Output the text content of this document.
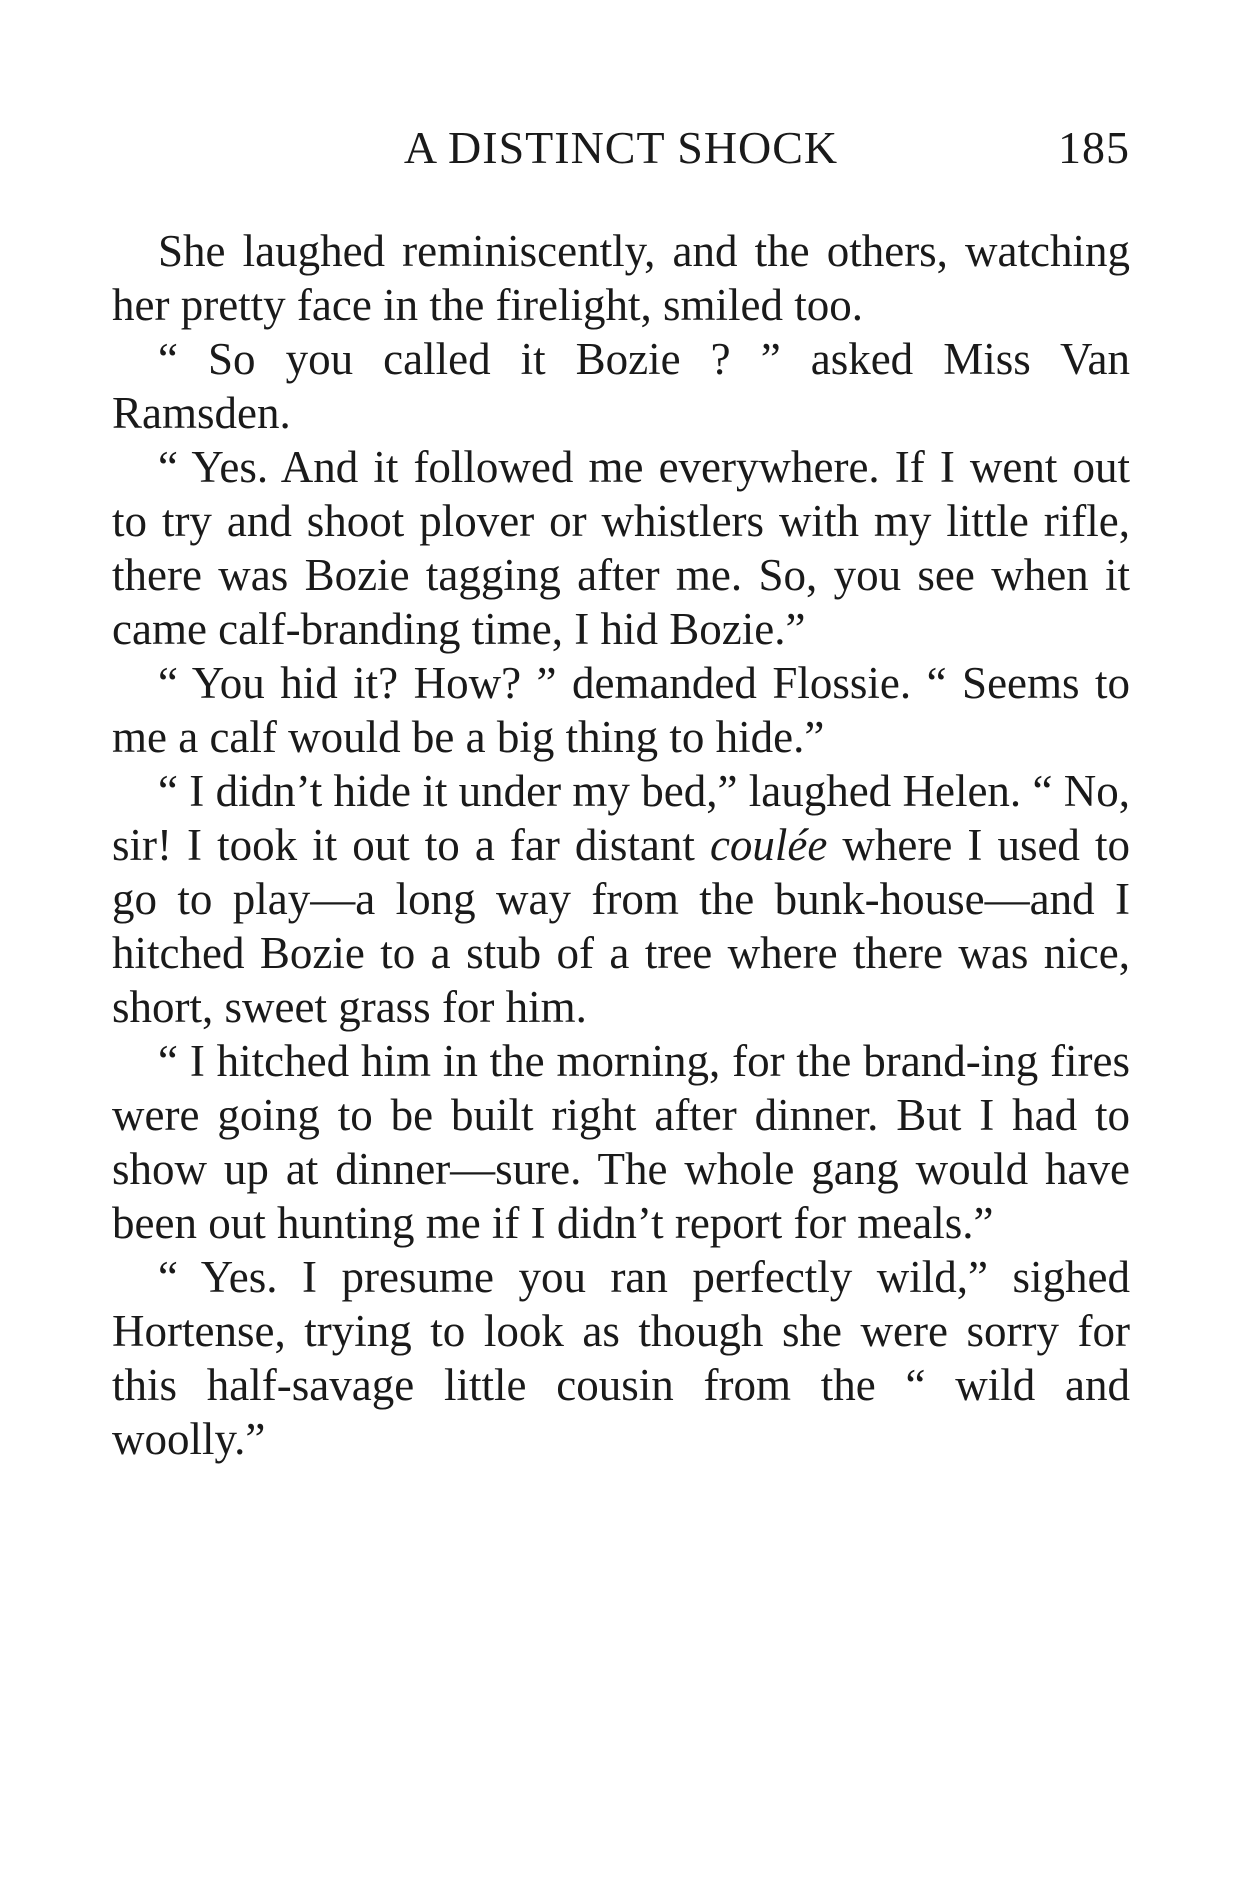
A DISTINCT SHOCK	185

She laughed reminiscently, and the others, watching her pretty face in the firelight, smiled too.

“ So you called it Bozie ? ” asked Miss Van Ramsden.

“ Yes. And it followed me everywhere. If I went out to try and shoot plover or whistlers with my little rifle, there was Bozie tagging after me. So, you see when it came calf-branding time, I hid Bozie.”

“ You hid it? How? ” demanded Flossie. “ Seems to me a calf would be a big thing to hide.”

“ I didn’t hide it under my bed,” laughed Helen. “ No, sir! I took it out to a far distant coulée where I used to go to play—a long way from the bunk-house—and I hitched Bozie to a stub of a tree where there was nice, short, sweet grass for him.

“ I hitched him in the morning, for the brand-ing fires were going to be built right after dinner. But I had to show up at dinner—sure. The whole gang would have been out hunting me if I didn’t report for meals.”

“ Yes. I presume you ran perfectly wild,” sighed Hortense, trying to look as though she were sorry for this half-savage little cousin from the “ wild and woolly.”
